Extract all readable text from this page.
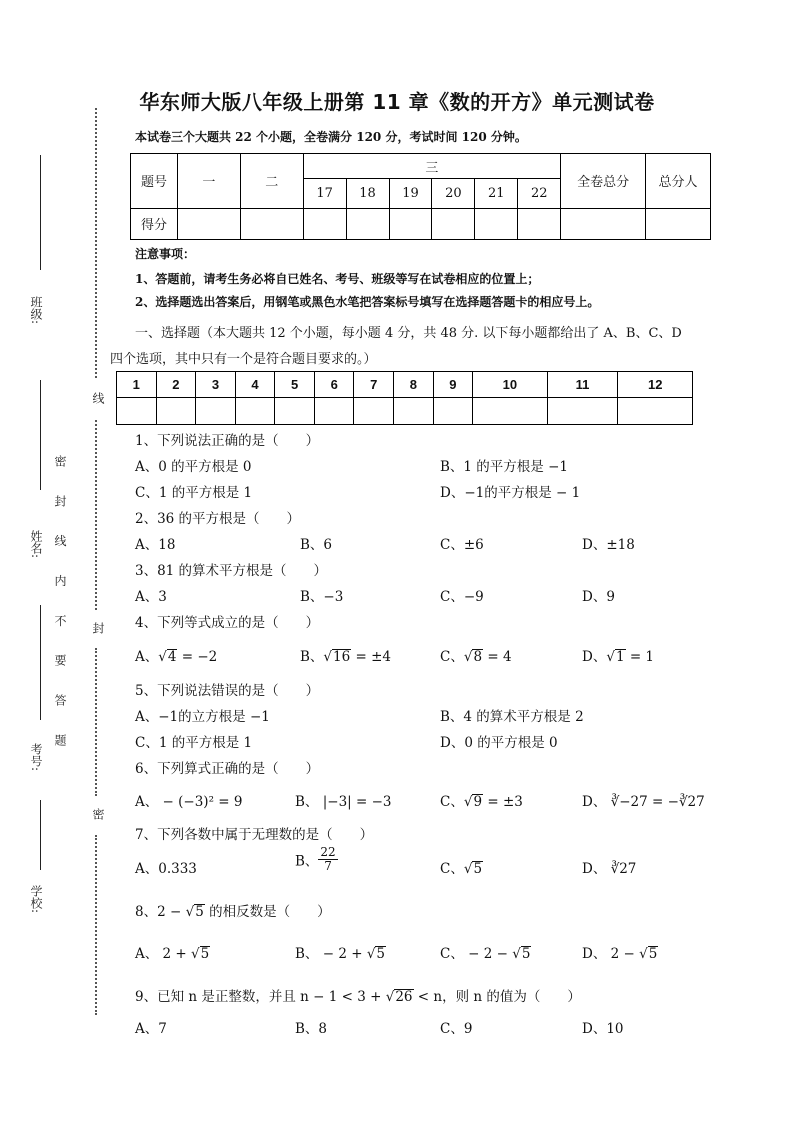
班级:
姓名:
考号:
学校:
密 封 线 内 不 要 答 题
线
封
密
华东师大版八年级上册第 11 章《数的开方》单元测试卷
本试卷三个大题共 22 个小题，全卷满分 120 分，考试时间 120 分钟。
题号	一	二	三						全卷总分	总分人
			17	18	19	20	21	22		
得分										
注意事项：
1、答题前，请考生务必将自已姓名、考号、班级等写在试卷相应的位置上；
2、选择题选出答案后，用钢笔或黑色水笔把答案标号填写在选择题答题卡的相应号上。
一、选择题（本大题共 12 个小题，每小题 4 分，共 48 分. 以下每小题都给出了 A、B、C、D
四个选项，其中只有一个是符合题目要求的。）
1	2	3	4	5	6	7	8	9	10	11	12

1、下列说法正确的是（　　）
A、0 的平方根是 0	B、1 的平方根是 −1
C、1 的平方根是 1	D、−1的平方根是 − 1
2、36 的平方根是（　　）
A、18	B、6	C、±6	D、±18
3、81 的算术平方根是（　　）
A、3	B、−3	C、−9	D、9
4、下列等式成立的是（　　）
A、√4 = −2	B、√16 = ±4	C、√8 = 4	D、√1 = 1
5、下列说法错误的是（　　）
A、−1的立方根是 −1	B、4 的算术平方根是 2
C、1 的平方根是 1	D、0 的平方根是 0
6、下列算式正确的是（　　）
A、 − (−3)² = 9	B、 |−3| = −3	C、√9 = ±3	D、 ∛−27 = −∛27
7、下列各数中属于无理数的是（　　）
A、0.333	B、 $\frac{22}{7}$	C、√5	D、 ∛27
8、2 − √5 的相反数是（　　）
A、 2 + √5	B、 − 2 + √5	C、 − 2 − √5	D、 2 − √5
9、已知 n 是正整数，并且 n − 1 < 3 + √26 < n，则 n 的值为（　　）
A、7	B、8	C、9	D、10
